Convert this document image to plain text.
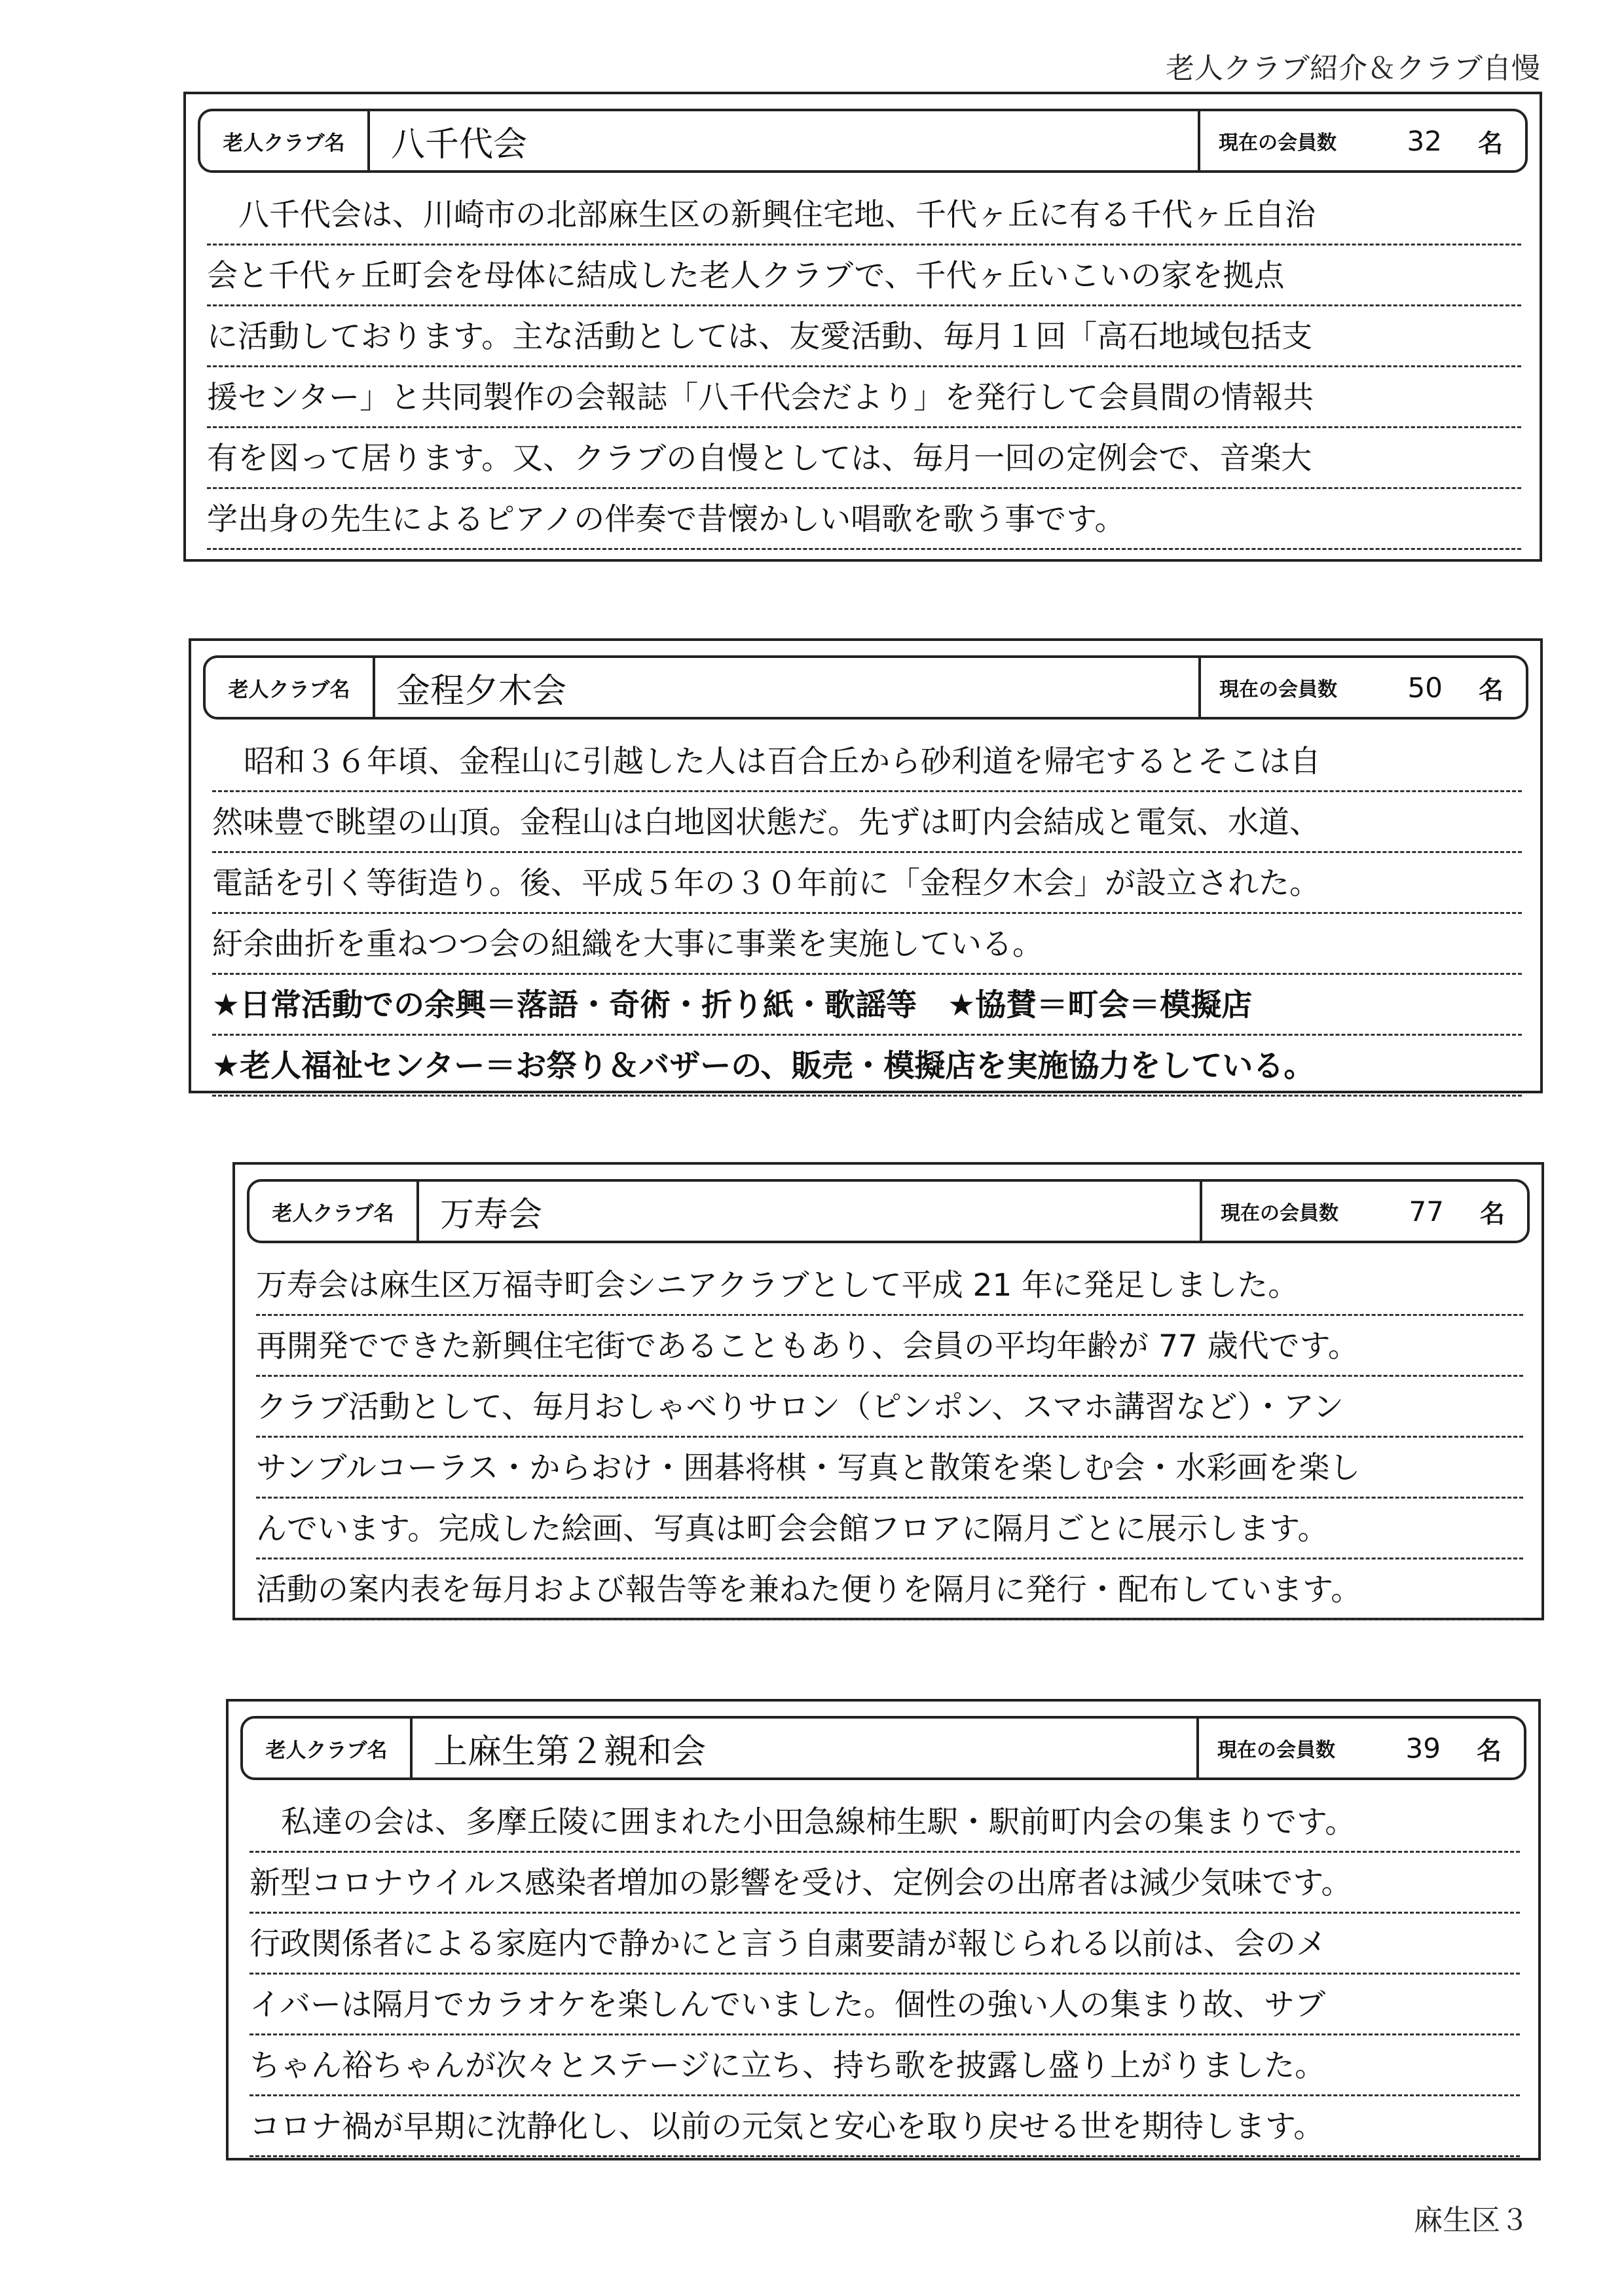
老人クラブ紹介＆クラブ自慢
老人クラブ名	八千代会	現在の会員数	32 名
八千代会は、川崎市の北部麻生区の新興住宅地、千代ヶ丘に有る千代ヶ丘自治
会と千代ヶ丘町会を母体に結成した老人クラブで、千代ヶ丘いこいの家を拠点
に活動しております。主な活動としては、友愛活動、毎月１回「高石地域包括支
援センター」と共同製作の会報誌「八千代会だより」を発行して会員間の情報共
有を図って居ります。又、クラブの自慢としては、毎月一回の定例会で、音楽大
学出身の先生によるピアノの伴奏で昔懐かしい唱歌を歌う事です。
老人クラブ名	金程夕木会	現在の会員数	50 名
昭和３６年頃、金程山に引越した人は百合丘から砂利道を帰宅するとそこは自
然味豊で眺望の山頂。金程山は白地図状態だ。先ずは町内会結成と電気、水道、
電話を引く等街造り。後、平成５年の３０年前に「金程夕木会」が設立された。
紆余曲折を重ねつつ会の組織を大事に事業を実施している。
★日常活動での余興＝落語・奇術・折り紙・歌謡等　★協賛＝町会＝模擬店
★老人福祉センター＝お祭り＆バザーの、販売・模擬店を実施協力をしている。
老人クラブ名	万寿会	現在の会員数	77 名
万寿会は麻生区万福寺町会シニアクラブとして平成 21 年に発足しました。
再開発でできた新興住宅街であることもあり、会員の平均年齢が 77 歳代です。
クラブ活動として、毎月おしゃべりサロン（ピンポン、スマホ講習など）・アン
サンブルコーラス・からおけ・囲碁将棋・写真と散策を楽しむ会・水彩画を楽し
んでいます。完成した絵画、写真は町会会館フロアに隔月ごとに展示します。
活動の案内表を毎月および報告等を兼ねた便りを隔月に発行・配布しています。
老人クラブ名	上麻生第２親和会	現在の会員数	39 名
私達の会は、多摩丘陵に囲まれた小田急線柿生駅・駅前町内会の集まりです。
新型コロナウイルス感染者増加の影響を受け、定例会の出席者は減少気味です。
行政関係者による家庭内で静かにと言う自粛要請が報じられる以前は、会のメ
イバーは隔月でカラオケを楽しんでいました。個性の強い人の集まり故、サブ
ちゃん裕ちゃんが次々とステージに立ち、持ち歌を披露し盛り上がりました。
コロナ禍が早期に沈静化し、以前の元気と安心を取り戻せる世を期待します。
麻生区３
